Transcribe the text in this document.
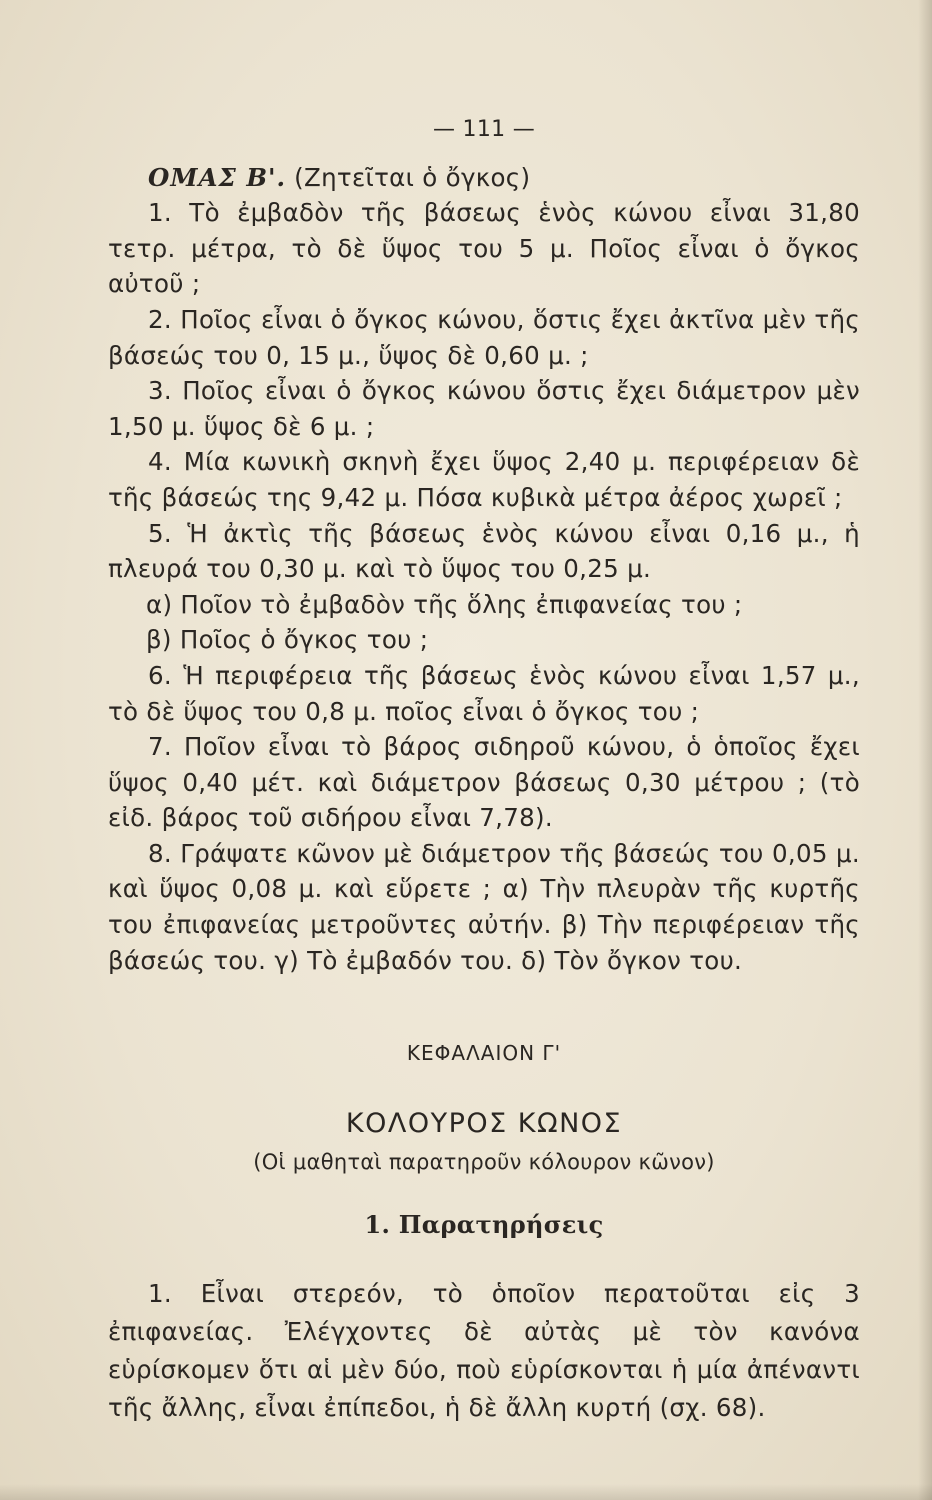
— 111 —
ΟΜΑΣ Β'. (Ζητεῖται ὁ ὄγκος)

1. Τὸ ἐμβαδὸν τῆς βάσεως ἑνὸς κώνου εἶναι 31,80 τετρ. μέτρα, τὸ δὲ ὕψος του 5 μ. Ποῖος εἶναι ὁ ὄγκος αὐτοῦ ;

2. Ποῖος εἶναι ὁ ὄγκος κώνου, ὅστις ἔχει ἀκτῖνα μὲν τῆς βάσεώς του 0, 15 μ., ὕψος δὲ 0,60 μ. ;

3. Ποῖος εἶναι ὁ ὄγκος κώνου ὅστις ἔχει διάμετρον μὲν 1,50 μ. ὕψος δὲ 6 μ. ;

4. Μία κωνικὴ σκηνὴ ἔχει ὕψος 2,40 μ. περιφέρειαν δὲ τῆς βάσεώς της 9,42 μ. Πόσα κυβικὰ μέτρα ἀέρος χωρεῖ ;

5. Ἡ ἀκτὶς τῆς βάσεως ἑνὸς κώνου εἶναι 0,16 μ., ἡ πλευρά του 0,30 μ. καὶ τὸ ὕψος του 0,25 μ.

α) Ποῖον τὸ ἐμβαδὸν τῆς ὅλης ἐπιφανείας του ;

β) Ποῖος ὁ ὄγκος του ;

6. Ἡ περιφέρεια τῆς βάσεως ἑνὸς κώνου εἶναι 1,57 μ., τὸ δὲ ὕψος του 0,8 μ. ποῖος εἶναι ὁ ὄγκος του ;

7. Ποῖον εἶναι τὸ βάρος σιδηροῦ κώνου, ὁ ὁποῖος ἔχει ὕψος 0,40 μέτ. καὶ διάμετρον βάσεως 0,30 μέτρου ; (τὸ εἰδ. βάρος τοῦ σιδήρου εἶναι 7,78).

8. Γράψατε κῶνον μὲ διάμετρον τῆς βάσεώς του 0,05 μ. καὶ ὕψος 0,08 μ. καὶ εὕρετε ; α) Τὴν πλευρὰν τῆς κυρτῆς του ἐπιφανείας μετροῦντες αὐτήν. β) Τὴν περιφέρειαν τῆς βάσεώς του. γ) Τὸ ἐμβαδόν του. δ) Τὸν ὄγκον του.

ΚΕΦΑΛΑΙΟΝ Γ'
ΚΟΛΟΥΡΟΣ ΚΩΝΟΣ
(Οἱ μαθηταὶ παρατηροῦν κόλουρον κῶνον)
1. Παρατηρήσεις

1. Εἶναι στερεόν, τὸ ὁποῖον περατοῦται εἰς 3 ἐπιφανείας. Ἐλέγχοντες δὲ αὐτὰς μὲ τὸν κανόνα εὑρίσκομεν ὅτι αἱ μὲν δύο, ποὺ εὑρίσκονται ἡ μία ἀπέναντι τῆς ἄλλης, εἶναι ἐπίπεδοι, ἡ δὲ ἄλλη κυρτή (σχ. 68).
